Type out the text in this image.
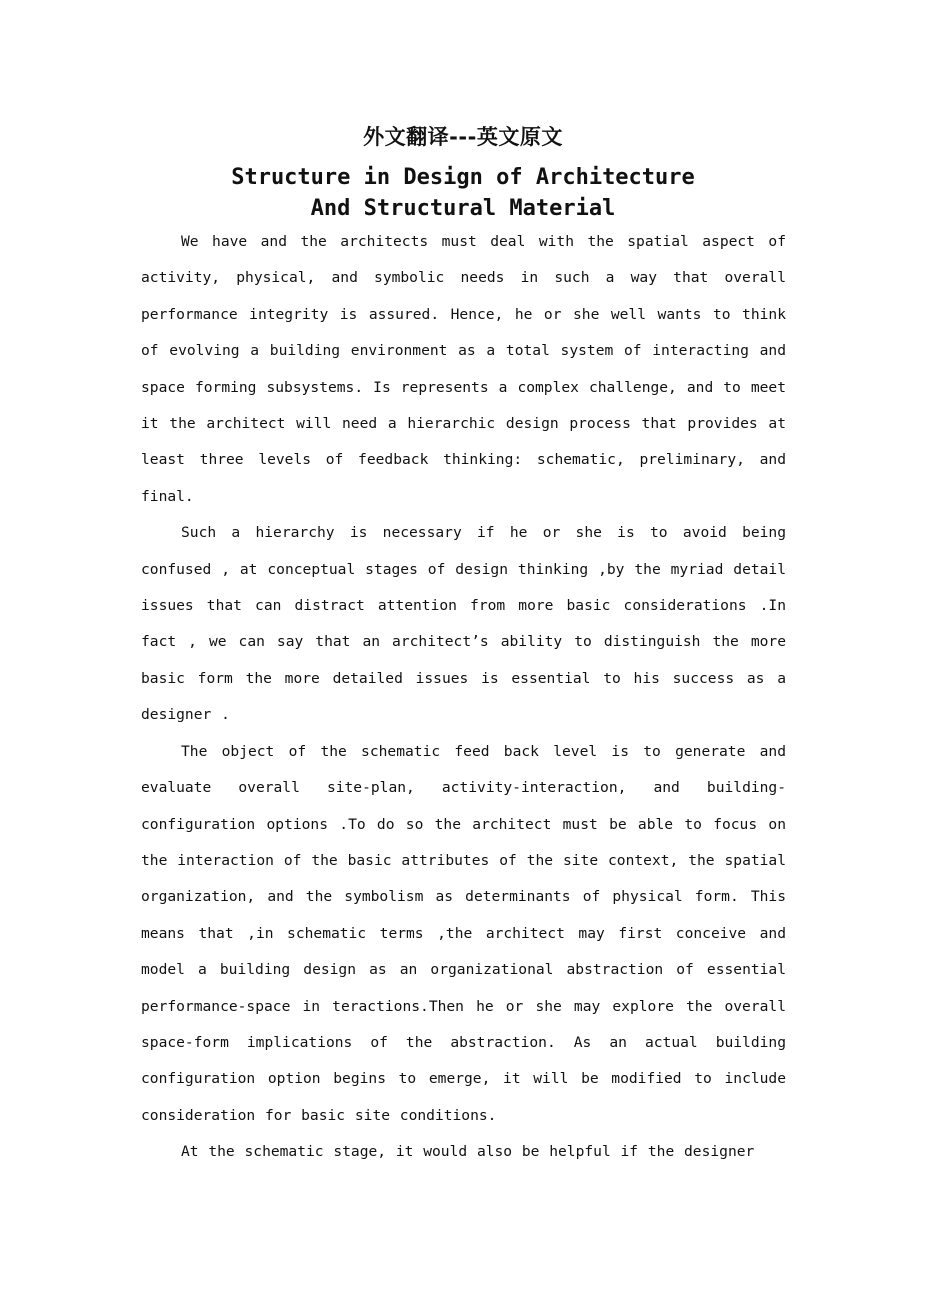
外文翻译---英文原文
Structure in Design of Architecture
And Structural Material

We have and the architects must deal with the spatial aspect of activity, physical, and symbolic needs in such a way that overall performance integrity is assured. Hence, he or she well wants to think of evolving a building environment as a total system of interacting and space forming subsystems. Is represents a complex challenge, and to meet it the architect will need a hierarchic design process that provides at least three levels of feedback thinking: schematic, preliminary, and final.

Such a hierarchy is necessary if he or she is to avoid being confused , at conceptual stages of design thinking ,by the myriad detail issues that can distract attention from more basic considerations .In fact , we can say that an architect’s ability to distinguish the more basic form the more detailed issues is essential to his success as a designer .

The object of the schematic feed back level is to generate and evaluate overall site-plan, activity-interaction, and building-configuration options .To do so the architect must be able to focus on the interaction of the basic attributes of the site context, the spatial organization, and the symbolism as determinants of physical form. This means that ,in schematic terms ,the architect may first conceive and model a building design as an organizational abstraction of essential performance-space in teractions.Then he or she may explore the overall space-form implications of the abstraction. As an actual building configuration option begins to emerge, it will be modified to include consideration for basic site conditions.

At the schematic stage, it would also be helpful if the designer
